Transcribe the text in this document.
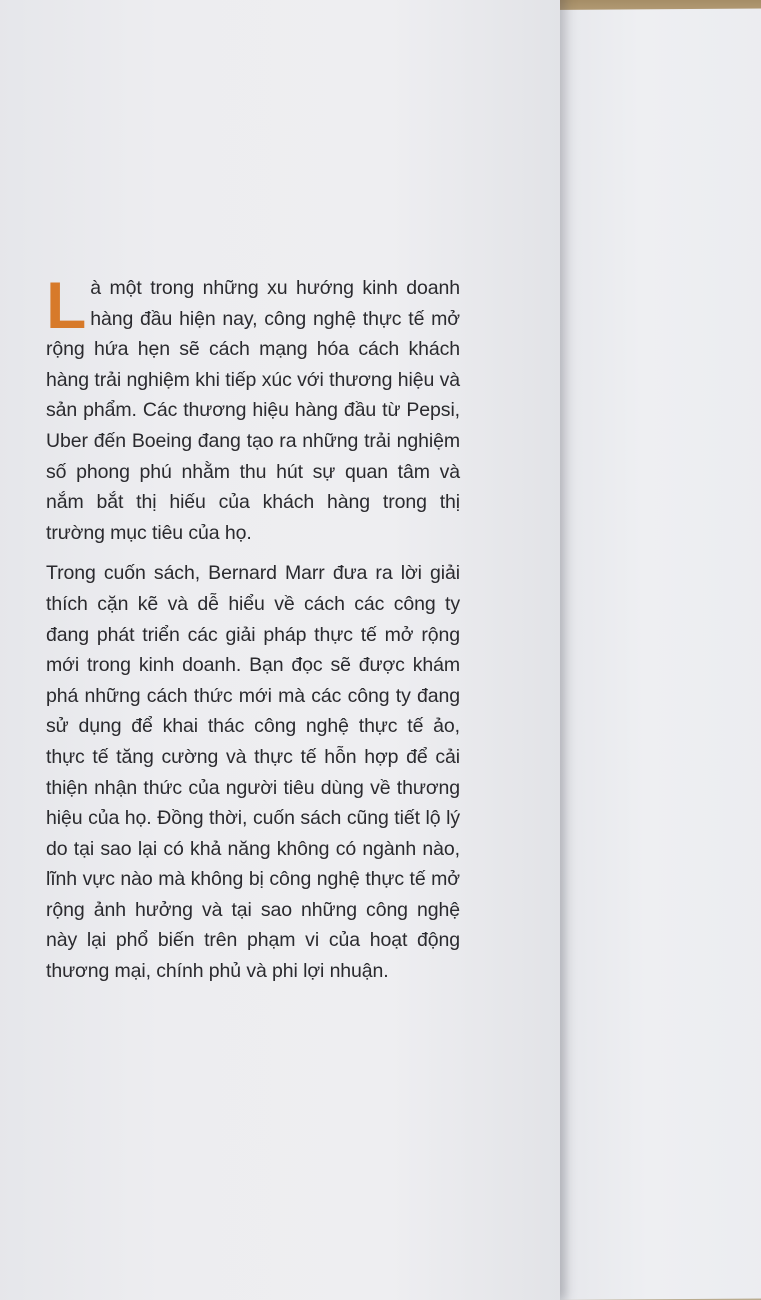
Là một trong những xu hướng kinh doanh hàng đầu hiện nay, công nghệ thực tế mở rộng hứa hẹn sẽ cách mạng hóa cách khách hàng trải nghiệm khi tiếp xúc với thương hiệu và sản phẩm. Các thương hiệu hàng đầu từ Pepsi, Uber đến Boeing đang tạo ra những trải nghiệm số phong phú nhằm thu hút sự quan tâm và nắm bắt thị hiếu của khách hàng trong thị trường mục tiêu của họ.

Trong cuốn sách, Bernard Marr đưa ra lời giải thích cặn kẽ và dễ hiểu về cách các công ty đang phát triển các giải pháp thực tế mở rộng mới trong kinh doanh. Bạn đọc sẽ được khám phá những cách thức mới mà các công ty đang sử dụng để khai thác công nghệ thực tế ảo, thực tế tăng cường và thực tế hỗn hợp để cải thiện nhận thức của người tiêu dùng về thương hiệu của họ. Đồng thời, cuốn sách cũng tiết lộ lý do tại sao lại có khả năng không có ngành nào, lĩnh vực nào mà không bị công nghệ thực tế mở rộng ảnh hưởng và tại sao những công nghệ này lại phổ biến trên phạm vi của hoạt động thương mại, chính phủ và phi lợi nhuận.
